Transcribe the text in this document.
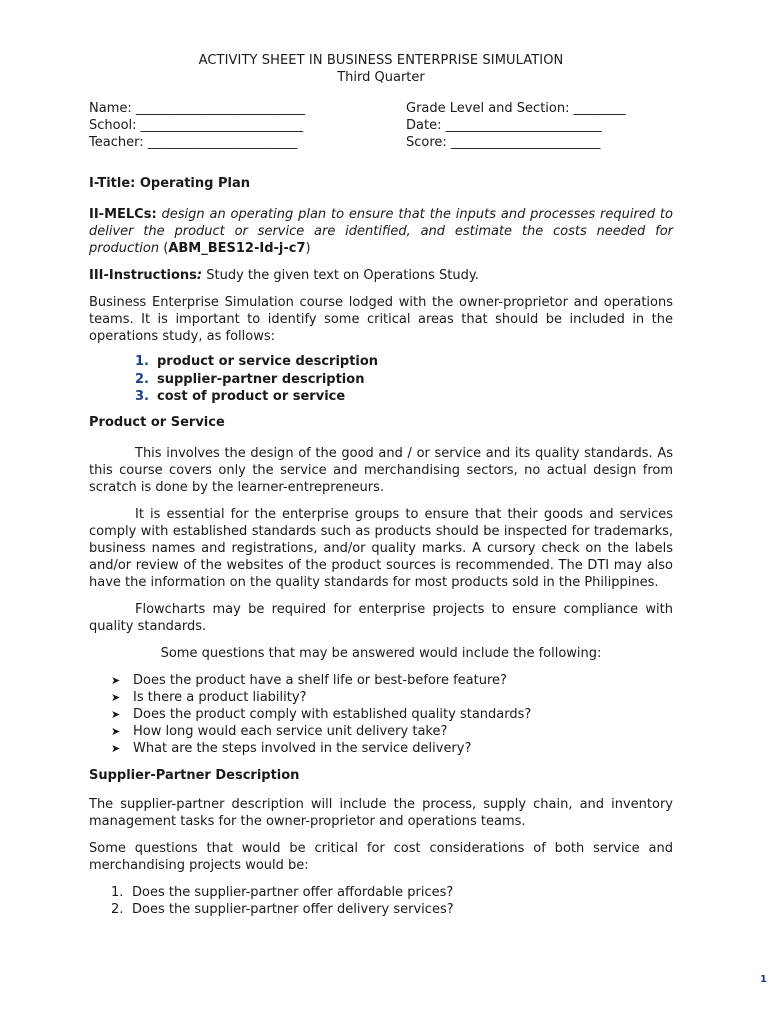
ACTIVITY SHEET IN BUSINESS ENTERPRISE SIMULATION
Third Quarter
Name: __________________________
School: _________________________
Teacher: _______________________
Grade Level and Section: ________
Date: ________________________
Score: _______________________
I-Title: Operating Plan
II-MELCs: design an operating plan to ensure that the inputs and processes required to deliver the product or service are identified, and estimate the costs needed for production (ABM_BES12-Id-j-c7)
III-Instructions: Study the given text on Operations Study.
Business Enterprise Simulation course lodged with the owner-proprietor and operations teams. It is important to identify some critical areas that should be included in the operations study, as follows:
1. product or service description
2. supplier-partner description
3. cost of product or service
Product or Service
This involves the design of the good and / or service and its quality standards. As this course covers only the service and merchandising sectors, no actual design from scratch is done by the learner-entrepreneurs.
It is essential for the enterprise groups to ensure that their goods and services comply with established standards such as products should be inspected for trademarks, business names and registrations, and/or quality marks. A cursory check on the labels and/or review of the websites of the product sources is recommended. The DTI may also have the information on the quality standards for most products sold in the Philippines.
Flowcharts may be required for enterprise projects to ensure compliance with quality standards.
Some questions that may be answered would include the following:
➤ Does the product have a shelf life or best-before feature?
➤ Is there a product liability?
➤ Does the product comply with established quality standards?
➤ How long would each service unit delivery take?
➤ What are the steps involved in the service delivery?
Supplier-Partner Description
The supplier-partner description will include the process, supply chain, and inventory management tasks for the owner-proprietor and operations teams.
Some questions that would be critical for cost considerations of both service and merchandising projects would be:
1. Does the supplier-partner offer affordable prices?
2. Does the supplier-partner offer delivery services?
1
